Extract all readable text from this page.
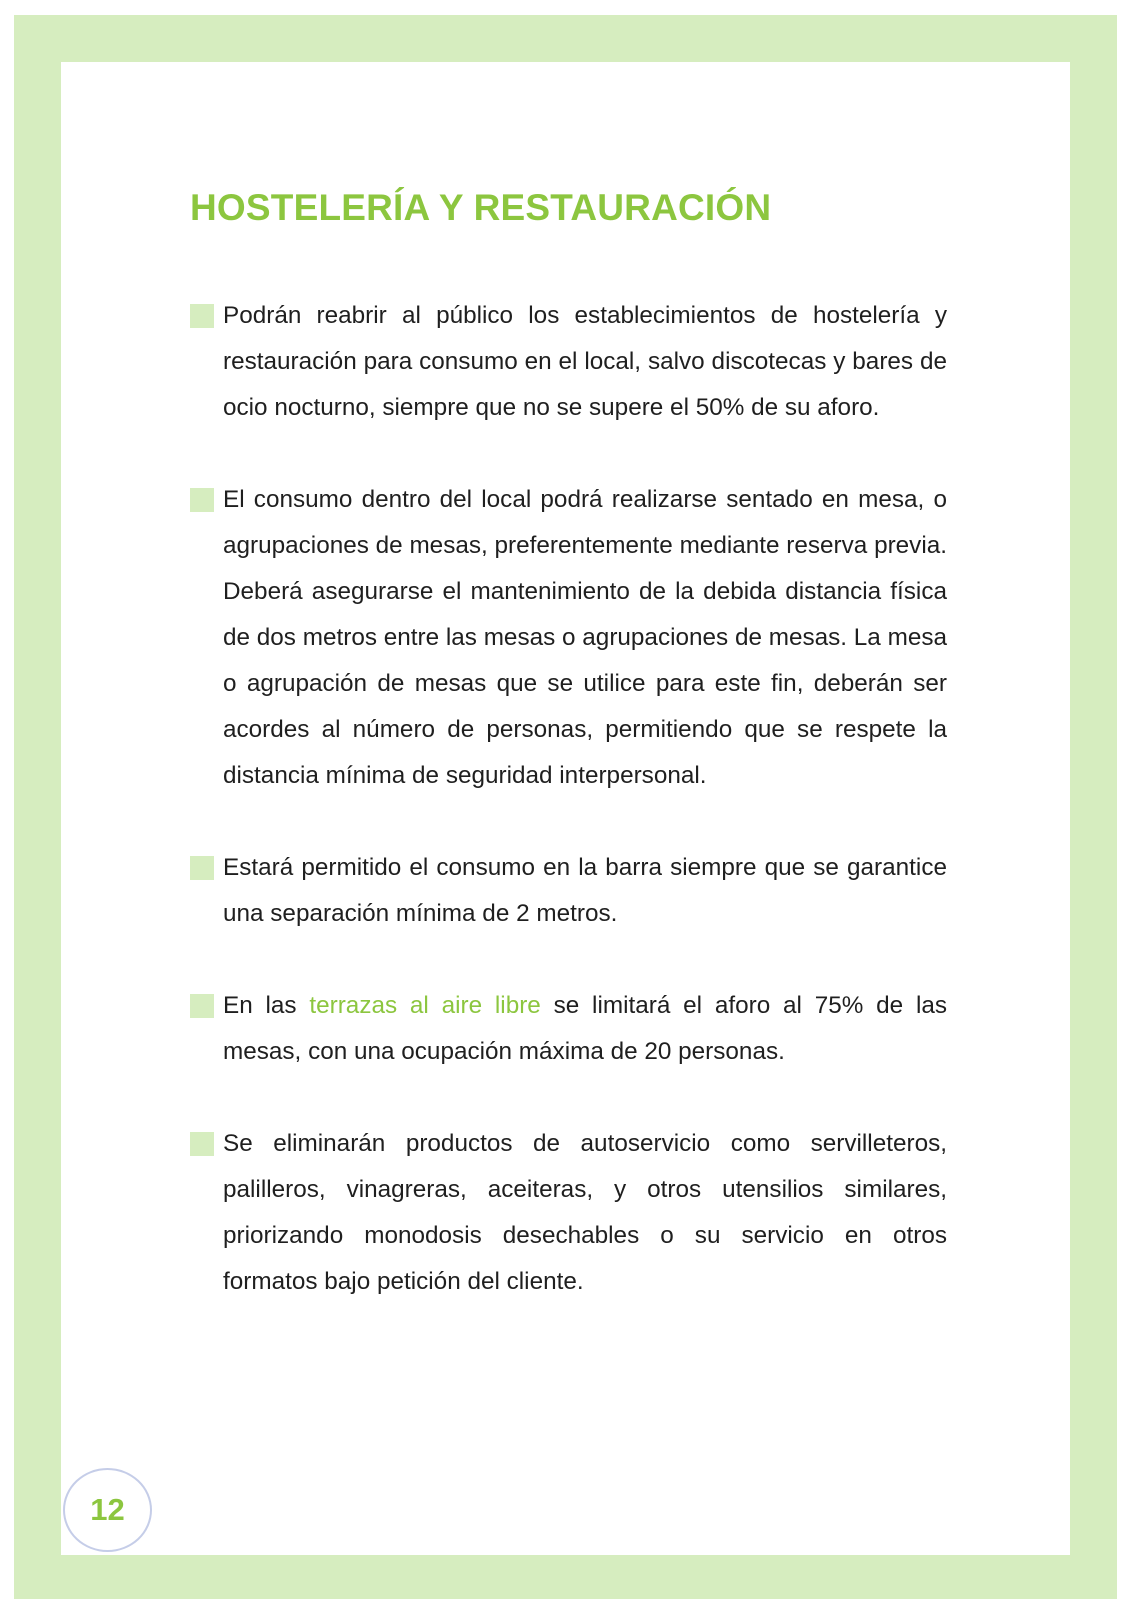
HOSTELERÍA Y RESTAURACIÓN
Podrán reabrir al público los establecimientos de hostelería y restauración para consumo en el local, salvo discotecas y bares de ocio nocturno, siempre que no se supere el 50% de su aforo.
El consumo dentro del local podrá realizarse sentado en mesa, o agrupaciones de mesas, preferentemente mediante reserva previa. Deberá asegurarse el mantenimiento de la debida distancia física de dos metros entre las mesas o agrupaciones de mesas. La mesa o agrupación de mesas que se utilice para este fin, deberán ser acordes al número de personas, permitiendo que se respete la distancia mínima de seguridad interpersonal.
Estará permitido el consumo en la barra siempre que se garantice una separación mínima de 2 metros.
En las terrazas al aire libre se limitará el aforo al 75% de las mesas, con una ocupación máxima de 20 personas.
Se eliminarán productos de autoservicio como servilleteros, palilleros, vinagreras, aceiteras, y otros utensilios similares, priorizando monodosis desechables o su servicio en otros formatos bajo petición del cliente.
12
